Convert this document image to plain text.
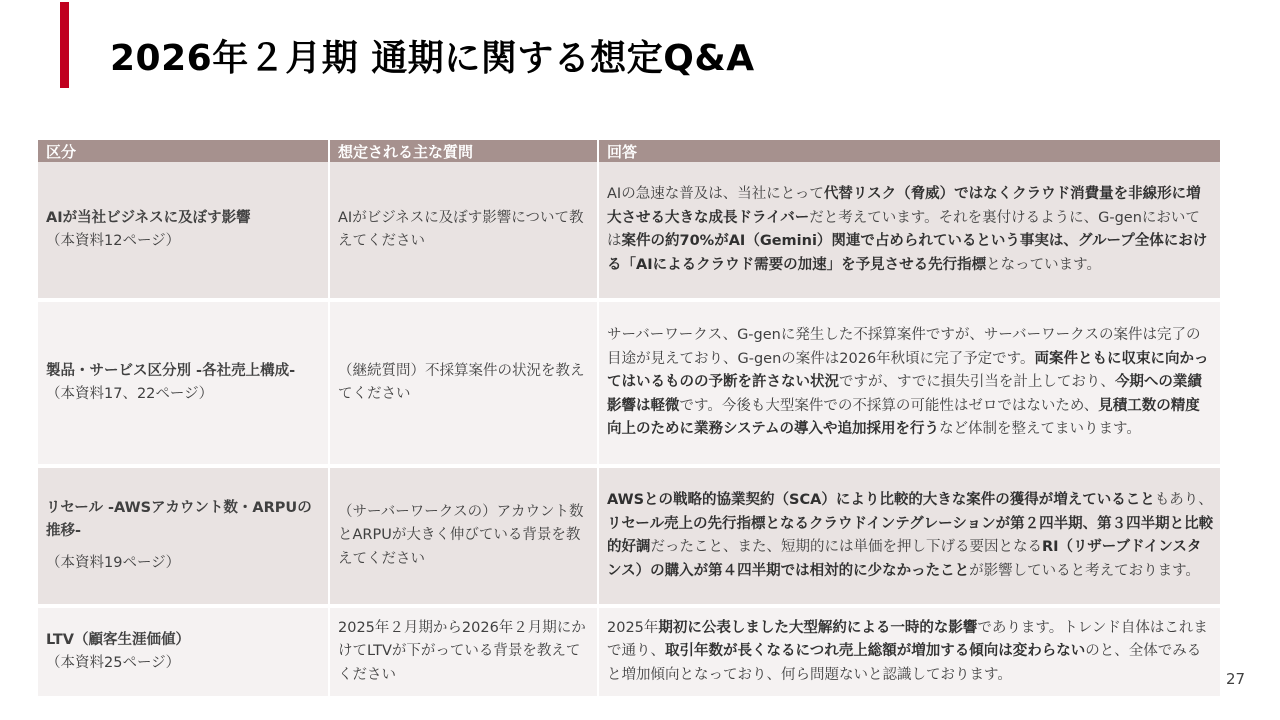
2026年２月期 通期に関する想定Q&A
区分	想定される主な質問	回答

AIが当社ビジネスに及ぼす影響
（本資料12ページ）	AIがビジネスに及ぼす影響について教えてください	AIの急速な普及は、当社にとって代替リスク（脅威）ではなくクラウド消費量を非線形に増大させる大きな成長ドライバーだと考えています。それを裏付けるように、G-genにおいては案件の約70%がAI（Gemini）関連で占められているという事実は、グループ全体における「AIによるクラウド需要の加速」を予見させる先行指標となっています。

製品・サービス区分別 -各社売上構成-
（本資料17、22ページ）	（継続質問）不採算案件の状況を教えてください	サーバーワークス、G-genに発生した不採算案件ですが、サーバーワークスの案件は完了の目途が見えており、G-genの案件は2026年秋頃に完了予定です。両案件ともに収束に向かってはいるものの予断を許さない状況ですが、すでに損失引当を計上しており、今期への業績影響は軽微です。今後も大型案件での不採算の可能性はゼロではないため、見積工数の精度向上のために業務システムの導入や追加採用を行うなど体制を整えてまいります。

リセール -AWSアカウント数・ARPUの推移-
（本資料19ページ）	（サーバーワークスの）アカウント数とARPUが大きく伸びている背景を教えてください	AWSとの戦略的協業契約（SCA）により比較的大きな案件の獲得が増えていることもあり、リセール売上の先行指標となるクラウドインテグレーションが第２四半期、第３四半期と比較的好調だったこと、また、短期的には単価を押し下げる要因となるRI（リザーブドインスタンス）の購入が第４四半期では相対的に少なかったことが影響していると考えております。

LTV（顧客生涯価値）
（本資料25ページ）	2025年２月期から2026年２月期にかけてLTVが下がっている背景を教えてください	2025年期初に公表しました大型解約による一時的な影響であります。トレンド自体はこれまで通り、取引年数が長くなるにつれ売上総額が増加する傾向は変わらないのと、全体でみると増加傾向となっており、何ら問題ないと認識しております。	27
